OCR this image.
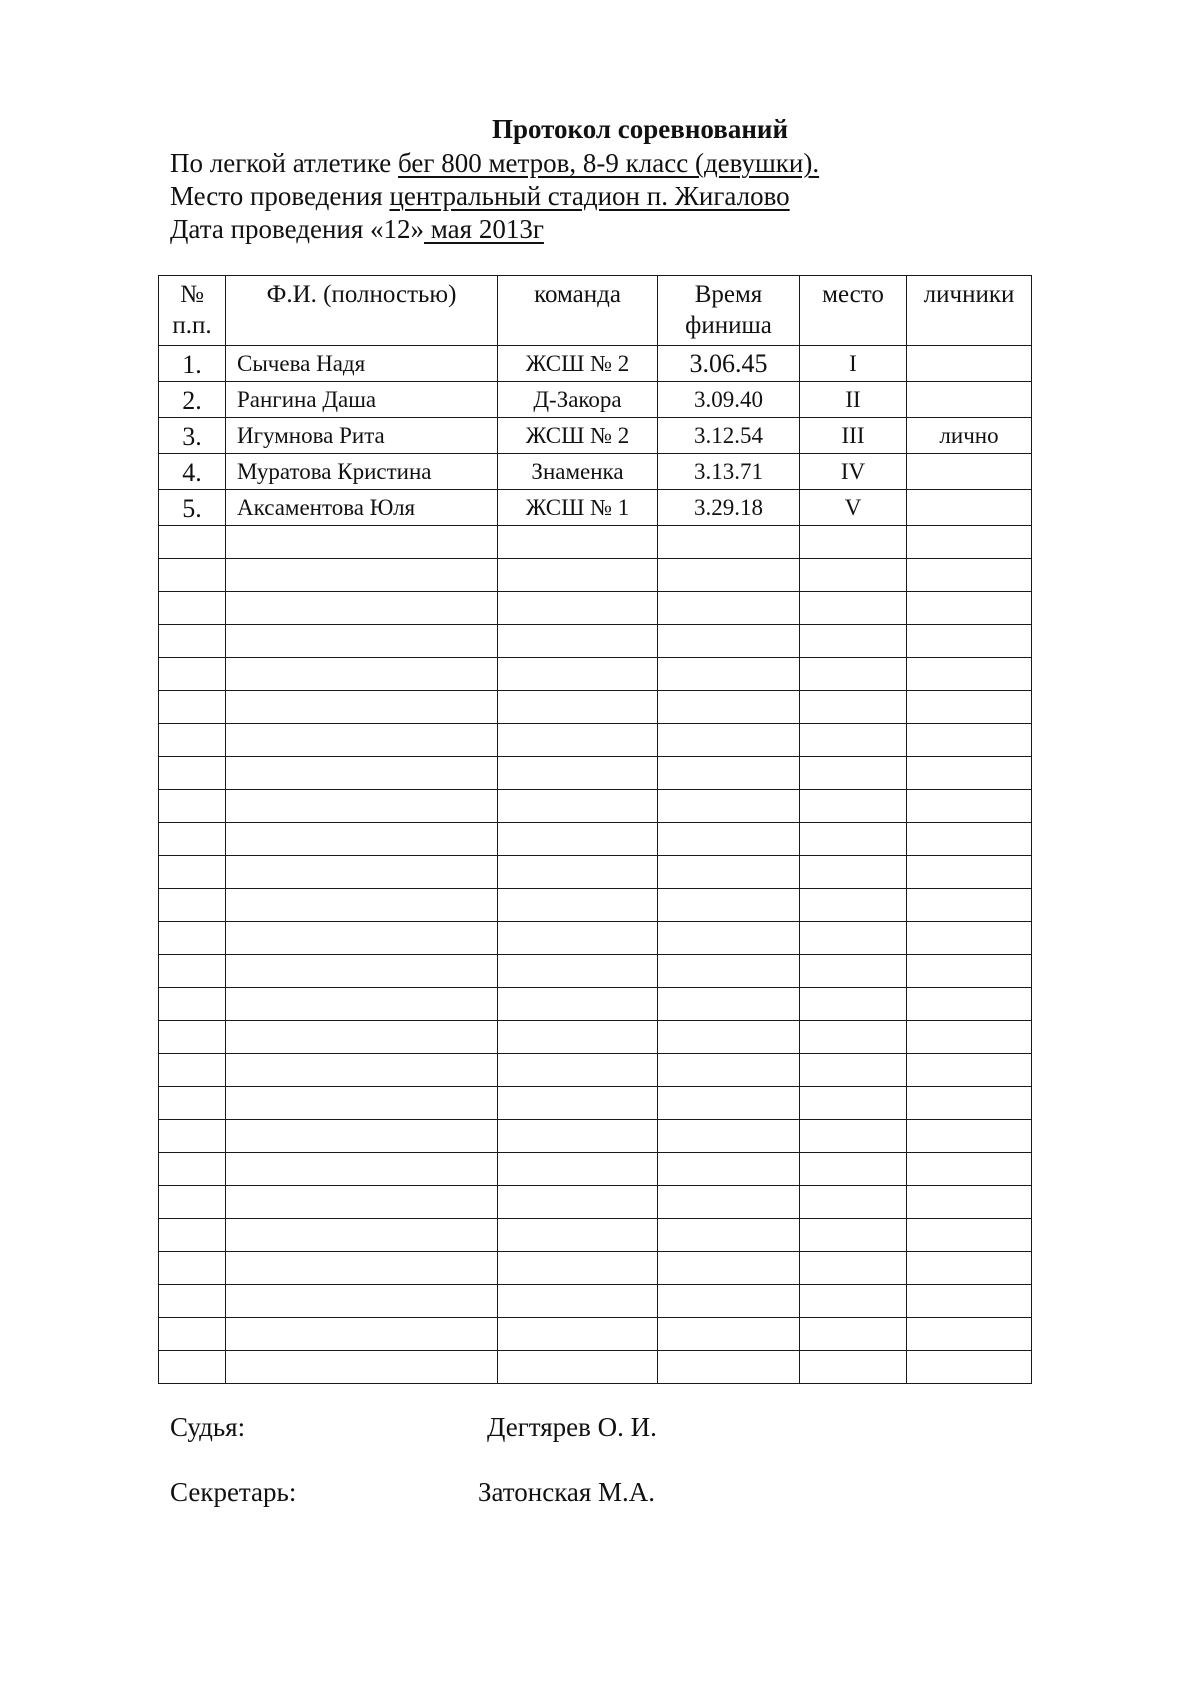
Протокол соревнований
По легкой атлетике бег 800 метров, 8-9 класс (девушки).
Место проведения центральный стадион п. Жигалово
Дата проведения «12» мая 2013г
№ п.п.	Ф.И. (полностью)	команда	Время финиша	место	личники
1.	Сычева Надя	ЖСШ № 2	3.06.45	I	
2.	Рангина Даша	Д-Закора	3.09.40	II	
3.	Игумнова Рита	ЖСШ № 2	3.12.54	III	лично
4.	Муратова Кристина	Знаменка	3.13.71	IV	
5.	Аксаментова Юля	ЖСШ № 1	3.29.18	V	

Судья:	Дегтярев О. И.
Секретарь:	Затонская М.А.
